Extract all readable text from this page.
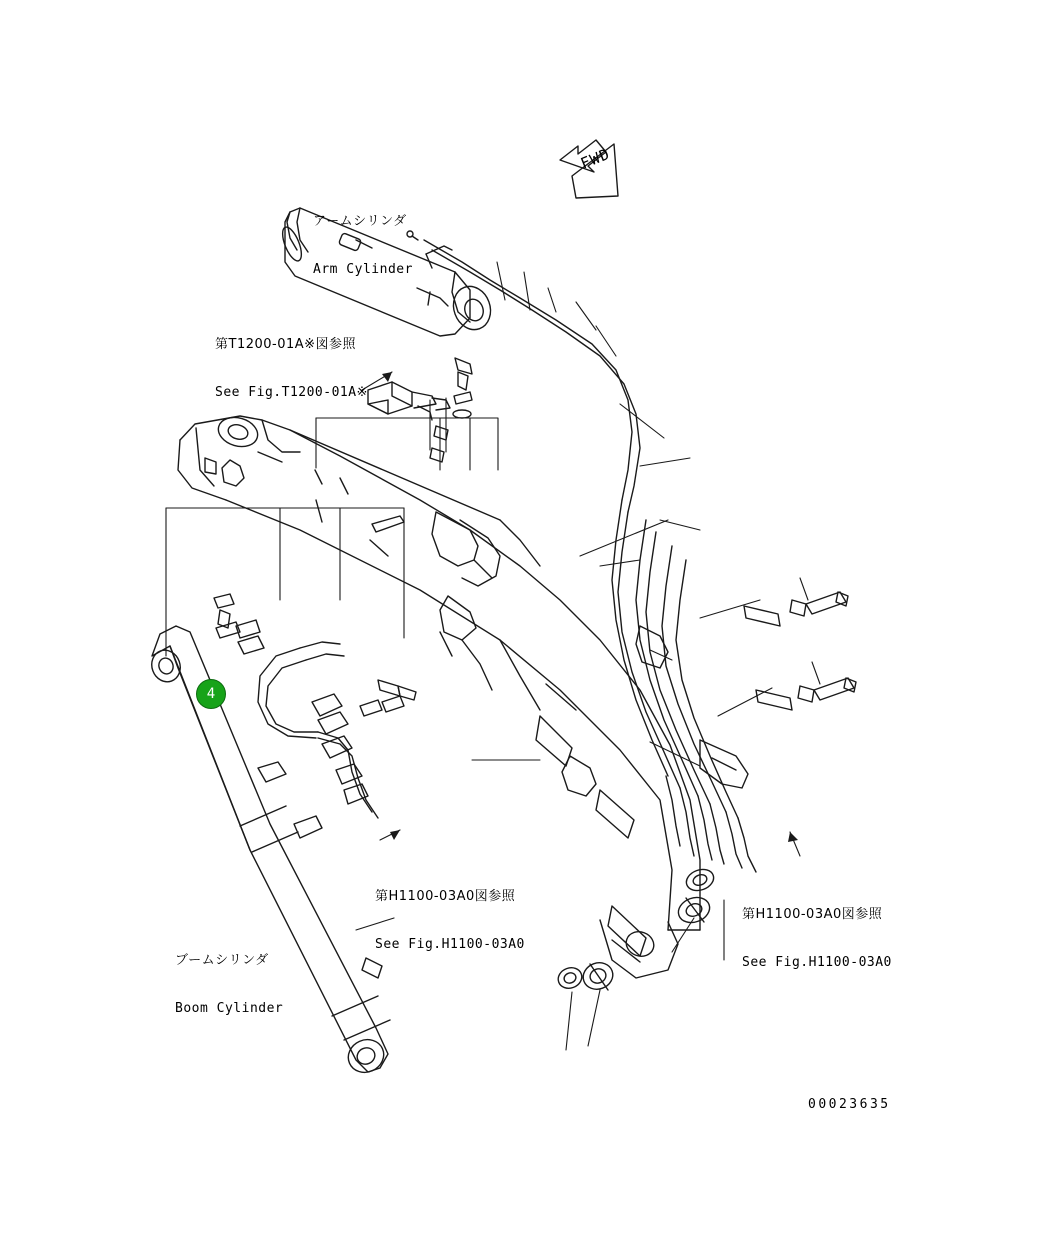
FWD

アームシリンダ

Arm Cylinder

ブームシリンダ

Boom Cylinder

第T1200-01A※図参照

See Fig.T1200-01A※

第H1100-03A0図参照

See Fig.H1100-03A0

第H1100-03A0図参照

See Fig.H1100-03A0

00023635
4
